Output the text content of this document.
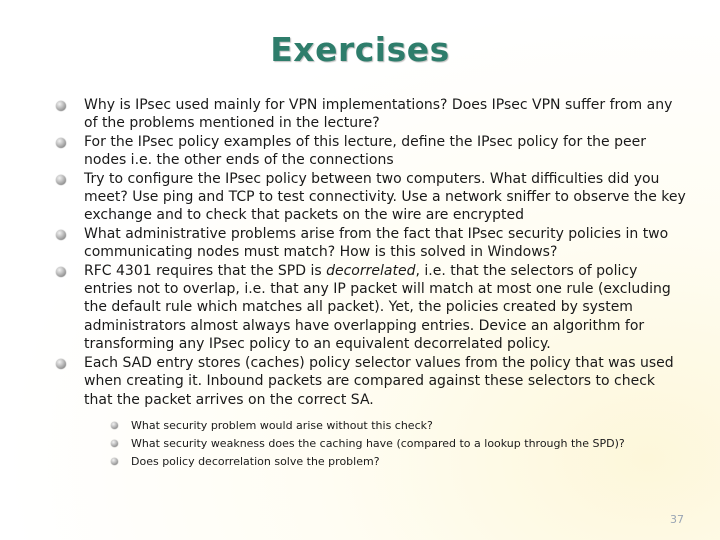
Exercises
Why is IPsec used mainly for VPN implementations? Does IPsec VPN suffer from any of the problems mentioned in the lecture?
For the IPsec policy examples of this lecture, define the IPsec policy for the peer nodes i.e. the other ends of the connections
Try to configure the IPsec policy between two computers. What difficulties did you meet? Use ping and TCP to test connectivity. Use a network sniffer to observe the key exchange and to check that packets on the wire are encrypted
What administrative problems arise from the fact that IPsec security policies in two communicating nodes must match? How is this solved in Windows?
RFC 4301 requires that the SPD is decorrelated, i.e. that the selectors of policy entries not to overlap, i.e. that any IP packet will match at most one rule (excluding the default rule which matches all packet). Yet, the policies created by system administrators almost always have overlapping entries. Device an algorithm for transforming any IPsec policy to an equivalent decorrelated policy.
Each SAD entry stores (caches) policy selector values from the policy that was used when creating it. Inbound packets are compared against these selectors to check that the packet arrives on the correct SA.
What security problem would arise without this check?
What security weakness does the caching have (compared to a lookup through the SPD)?
Does policy decorrelation solve the problem?
37
